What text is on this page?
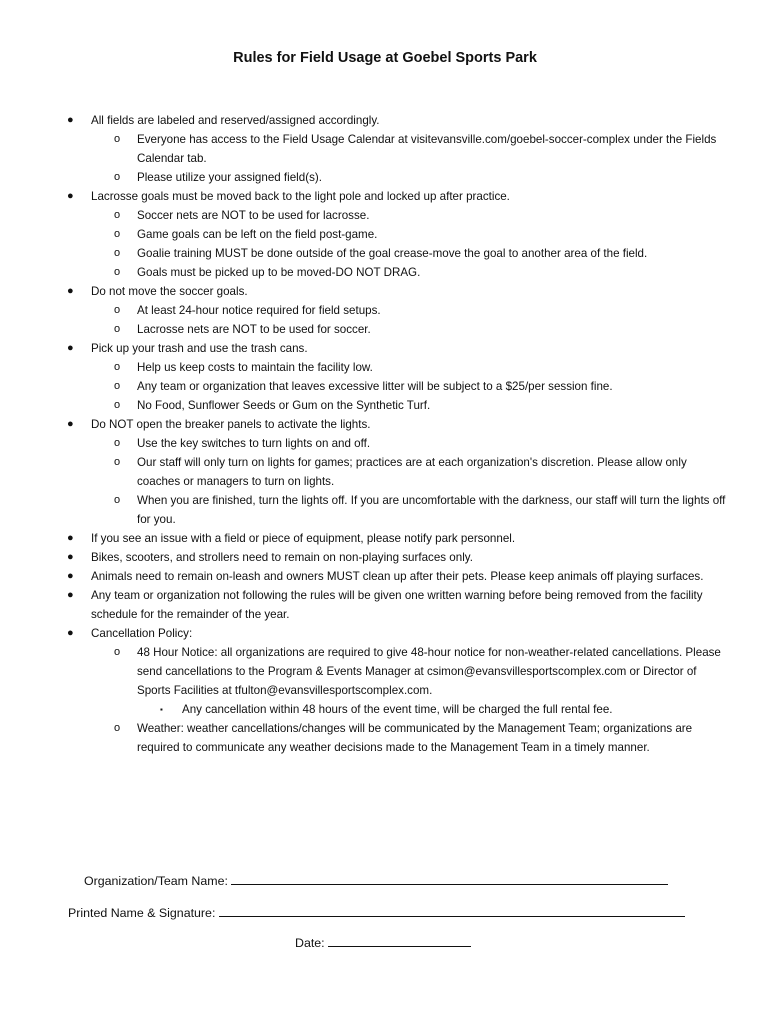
Rules for Field Usage at Goebel Sports Park
● All fields are labeled and reserved/assigned accordingly.
o Everyone has access to the Field Usage Calendar at visitevansville.com/goebel-soccer-complex under the Fields Calendar tab.
o Please utilize your assigned field(s).
● Lacrosse goals must be moved back to the light pole and locked up after practice.
o Soccer nets are NOT to be used for lacrosse.
o Game goals can be left on the field post-game.
o Goalie training MUST be done outside of the goal crease-move the goal to another area of the field.
o Goals must be picked up to be moved-DO NOT DRAG.
● Do not move the soccer goals.
o At least 24-hour notice required for field setups.
o Lacrosse nets are NOT to be used for soccer.
● Pick up your trash and use the trash cans.
o Help us keep costs to maintain the facility low.
o Any team or organization that leaves excessive litter will be subject to a $25/per session fine.
o No Food, Sunflower Seeds or Gum on the Synthetic Turf.
● Do NOT open the breaker panels to activate the lights.
o Use the key switches to turn lights on and off.
o Our staff will only turn on lights for games; practices are at each organization's discretion. Please allow only coaches or managers to turn on lights.
o When you are finished, turn the lights off. If you are uncomfortable with the darkness, our staff will turn the lights off for you.
● If you see an issue with a field or piece of equipment, please notify park personnel.
● Bikes, scooters, and strollers need to remain on non-playing surfaces only.
● Animals need to remain on-leash and owners MUST clean up after their pets. Please keep animals off playing surfaces.
● Any team or organization not following the rules will be given one written warning before being removed from the facility schedule for the remainder of the year.
● Cancellation Policy:
o 48 Hour Notice: all organizations are required to give 48-hour notice for non-weather-related cancellations. Please send cancellations to the Program & Events Manager at csimon@evansvillesportscomplex.com or Director of Sports Facilities at tfulton@evansvillesportscomplex.com.
▪ Any cancellation within 48 hours of the event time, will be charged the full rental fee.
o Weather: weather cancellations/changes will be communicated by the Management Team; organizations are required to communicate any weather decisions made to the Management Team in a timely manner.
Organization/Team Name:
Printed Name & Signature:
Date:
